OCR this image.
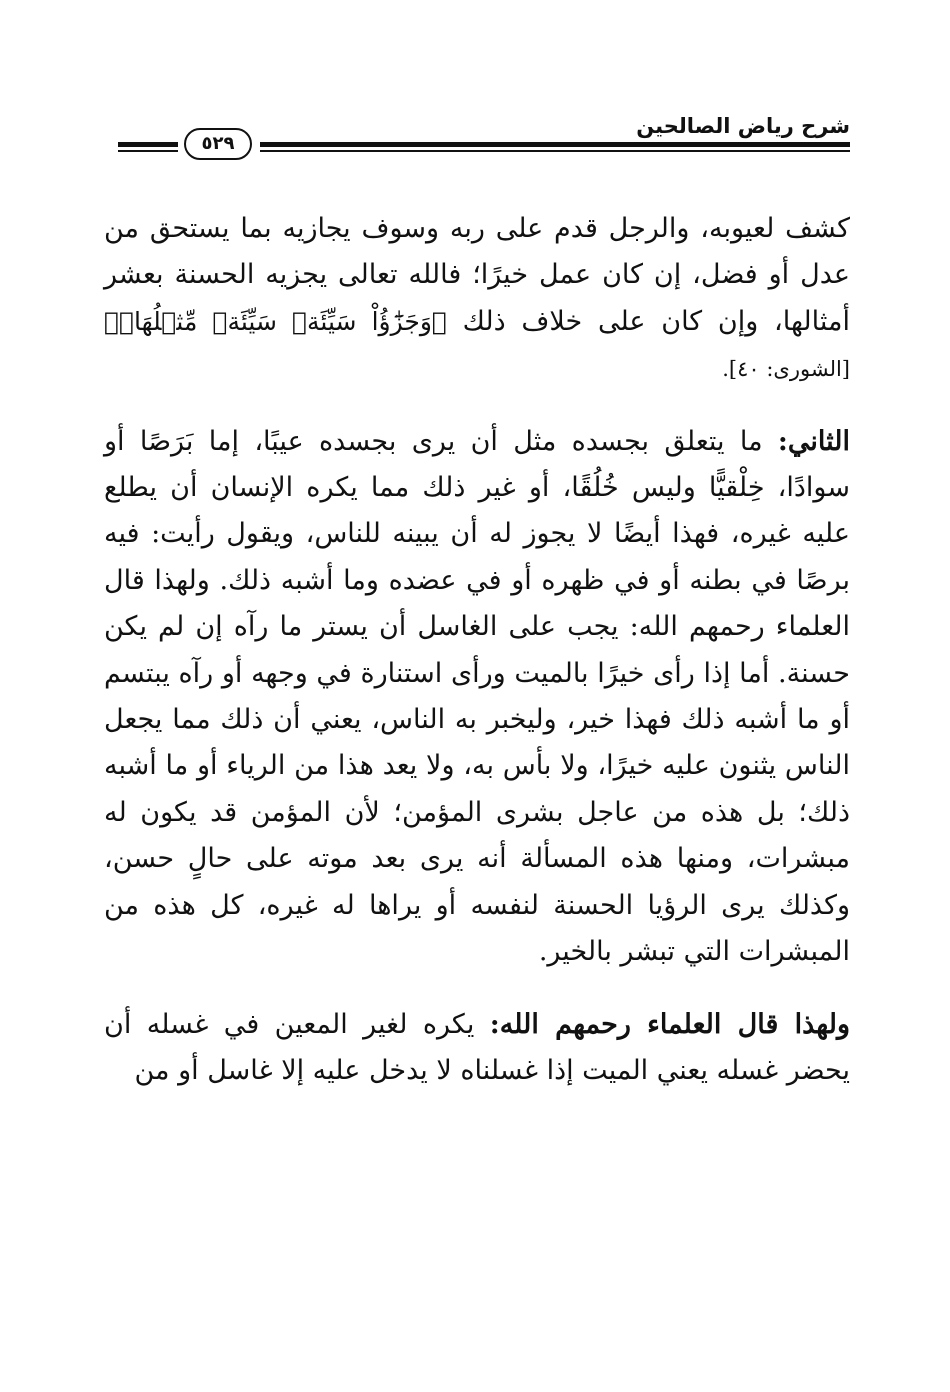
شرح رياض الصالحين
٥٢٩

كشف لعيوبه، والرجل قدم على ربه وسوف يجازيه بما يستحق من عدل أو فضل، إن كان عمل خيرًا؛ فالله تعالى يجزيه الحسنة بعشر أمثالها، وإن كان على خلاف ذلك ﴿وَجَزَٰٓؤُاْ سَيِّئَةٖ سَيِّئَةٞ مِّثۡلُهَاۖ﴾ [الشورى: ٤٠].

الثاني: ما يتعلق بجسده مثل أن يرى بجسده عيبًا، إما بَرَصًا أو سوادًا، خِلْقيًّا وليس خُلُقًا، أو غير ذلك مما يكره الإنسان أن يطلع عليه غيره، فهذا أيضًا لا يجوز له أن يبينه للناس، ويقول رأيت: فيه برصًا في بطنه أو في ظهره أو في عضده وما أشبه ذلك. ولهذا قال العلماء رحمهم الله: يجب على الغاسل أن يستر ما رآه إن لم يكن حسنة. أما إذا رأى خيرًا بالميت ورأى استنارة في وجهه أو رآه يبتسم أو ما أشبه ذلك فهذا خير، وليخبر به الناس، يعني أن ذلك مما يجعل الناس يثنون عليه خيرًا، ولا بأس به، ولا يعد هذا من الرياء أو ما أشبه ذلك؛ بل هذه من عاجل بشرى المؤمن؛ لأن المؤمن قد يكون له مبشرات، ومنها هذه المسألة أنه يرى بعد موته على حالٍ حسن، وكذلك يرى الرؤيا الحسنة لنفسه أو يراها له غيره، كل هذه من المبشرات التي تبشر بالخير.

ولهذا قال العلماء رحمهم الله: يكره لغير المعين في غسله أن يحضر غسله يعني الميت إذا غسلناه لا يدخل عليه إلا غاسل أو من
